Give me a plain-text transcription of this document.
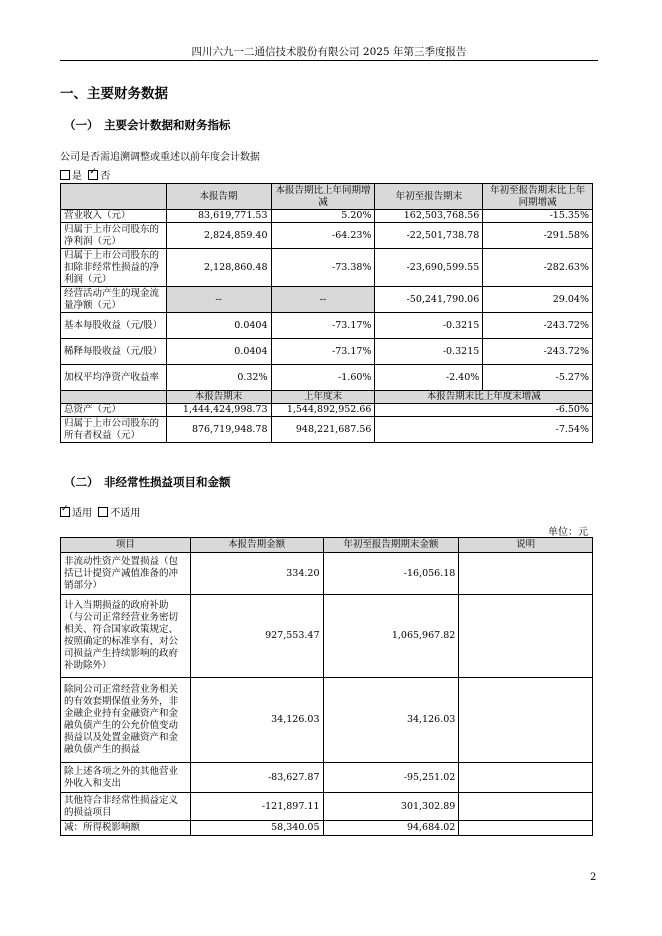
四川六九一二通信技术股份有限公司 2025 年第三季度报告
一、主要财务数据
（一） 主要会计数据和财务指标
公司是否需追溯调整或重述以前年度会计数据
是 ✓ 否
	本报告期	本报告期比上年同期增减	年初至报告期末	年初至报告期末比上年同期增减
营业收入（元）	83,619,771.53	5.20%	162,503,768.56	-15.35%
归属于上市公司股东的净利润（元）	2,824,859.40	-64.23%	-22,501,738.78	-291.58%
归属于上市公司股东的扣除非经常性损益的净利润（元）	2,128,860.48	-73.38%	-23,690,599.55	-282.63%
经营活动产生的现金流量净额（元）	--	--	-50,241,790.06	29.04%
基本每股收益（元/股）	0.0404	-73.17%	-0.3215	-243.72%
稀释每股收益（元/股）	0.0404	-73.17%	-0.3215	-243.72%
加权平均净资产收益率	0.32%	-1.60%	-2.40%	-5.27%
	本报告期末	上年度末	本报告期末比上年度末增减	
总资产（元）	1,444,424,998.73	1,544,892,952.66	-6.50%	
归属于上市公司股东的所有者权益（元）	876,719,948.78	948,221,687.56	-7.54%	
（二） 非经常性损益项目和金额
✓适用 不适用
单位：元
项目	本报告期金额	年初至报告期期末金额	说明
非流动性资产处置损益（包括已计提资产减值准备的冲销部分）	334.20	-16,056.18	
计入当期损益的政府补助（与公司正常经营业务密切相关、符合国家政策规定、按照确定的标准享有、对公司损益产生持续影响的政府补助除外）	927,553.47	1,065,967.82	
除同公司正常经营业务相关的有效套期保值业务外，非金融企业持有金融资产和金融负债产生的公允价值变动损益以及处置金融资产和金融负债产生的损益	34,126.03	34,126.03	
除上述各项之外的其他营业外收入和支出	-83,627.87	-95,251.02	
其他符合非经常性损益定义的损益项目	-121,897.11	301,302.89	
减：所得税影响额	58,340.05	94,684.02	
2
